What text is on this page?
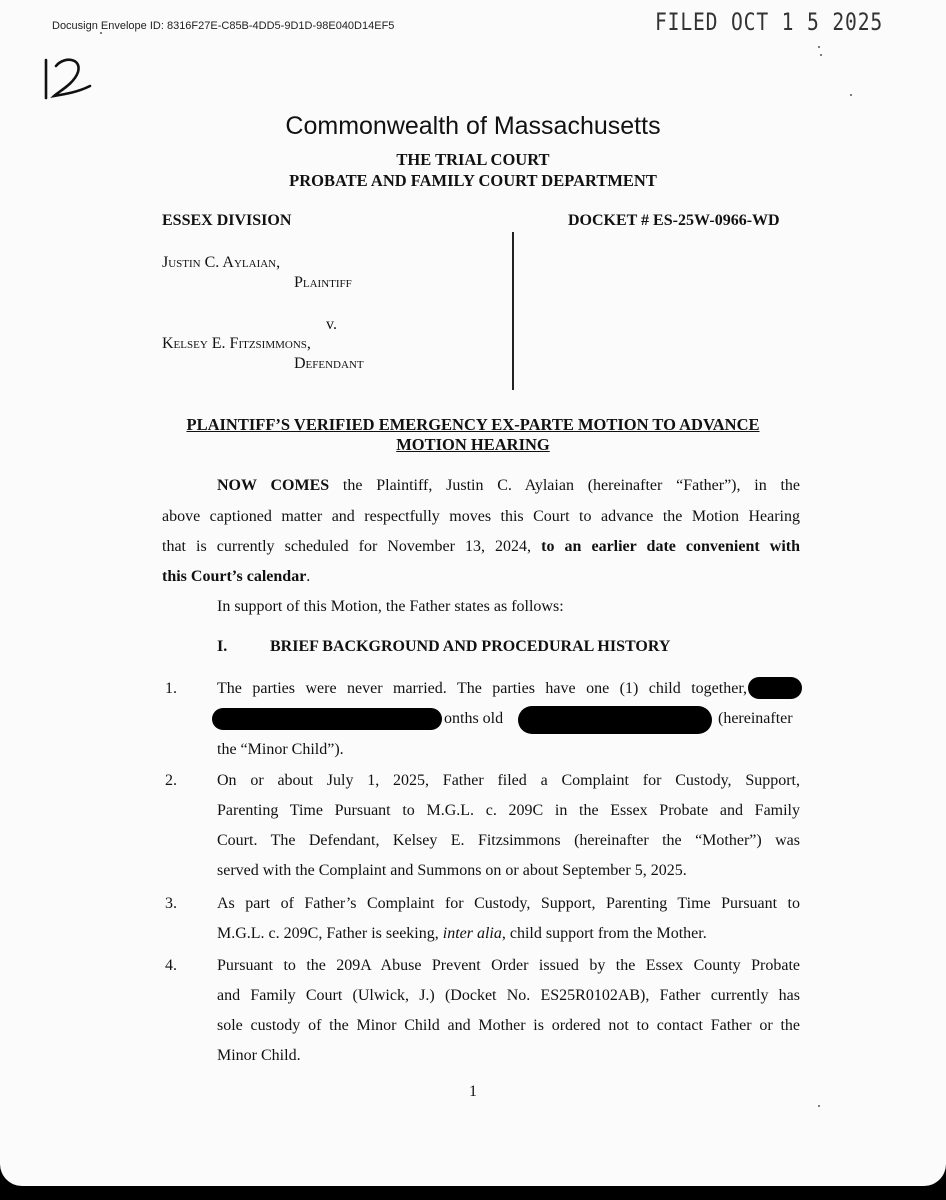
Docusign Envelope ID: 8316F27E-C85B-4DD5-9D1D-98E040D14EF5	FILED OCT 1 5 2025
Commonwealth of Massachusetts
THE TRIAL COURT
PROBATE AND FAMILY COURT DEPARTMENT
ESSEX DIVISION	DOCKET # ES-25W-0966-WD
Justin C. Aylaian,
Plaintiff
v.
Kelsey E. Fitzsimmons,
Defendant
PLAINTIFF’S VERIFIED EMERGENCY EX-PARTE MOTION TO ADVANCE
MOTION HEARING
NOW COMES the Plaintiff, Justin C. Aylaian (hereinafter “Father”), in the
above captioned matter and respectfully moves this Court to advance the Motion Hearing
that is currently scheduled for November 13, 2024, to an earlier date convenient with
this Court’s calendar.
In support of this Motion, the Father states as follows:
I.	BRIEF BACKGROUND AND PROCEDURAL HISTORY
1.	The parties were never married. The parties have one (1) child together,
onths old	(hereinafter
the “Minor Child”).
2.	On or about July 1, 2025, Father filed a Complaint for Custody, Support,
Parenting Time Pursuant to M.G.L. c. 209C in the Essex Probate and Family
Court. The Defendant, Kelsey E. Fitzsimmons (hereinafter the “Mother”) was
served with the Complaint and Summons on or about September 5, 2025.
3.	As part of Father’s Complaint for Custody, Support, Parenting Time Pursuant to
M.G.L. c. 209C, Father is seeking, inter alia, child support from the Mother.
4.	Pursuant to the 209A Abuse Prevent Order issued by the Essex County Probate
and Family Court (Ulwick, J.) (Docket No. ES25R0102AB), Father currently has
sole custody of the Minor Child and Mother is ordered not to contact Father or the
Minor Child.
1
